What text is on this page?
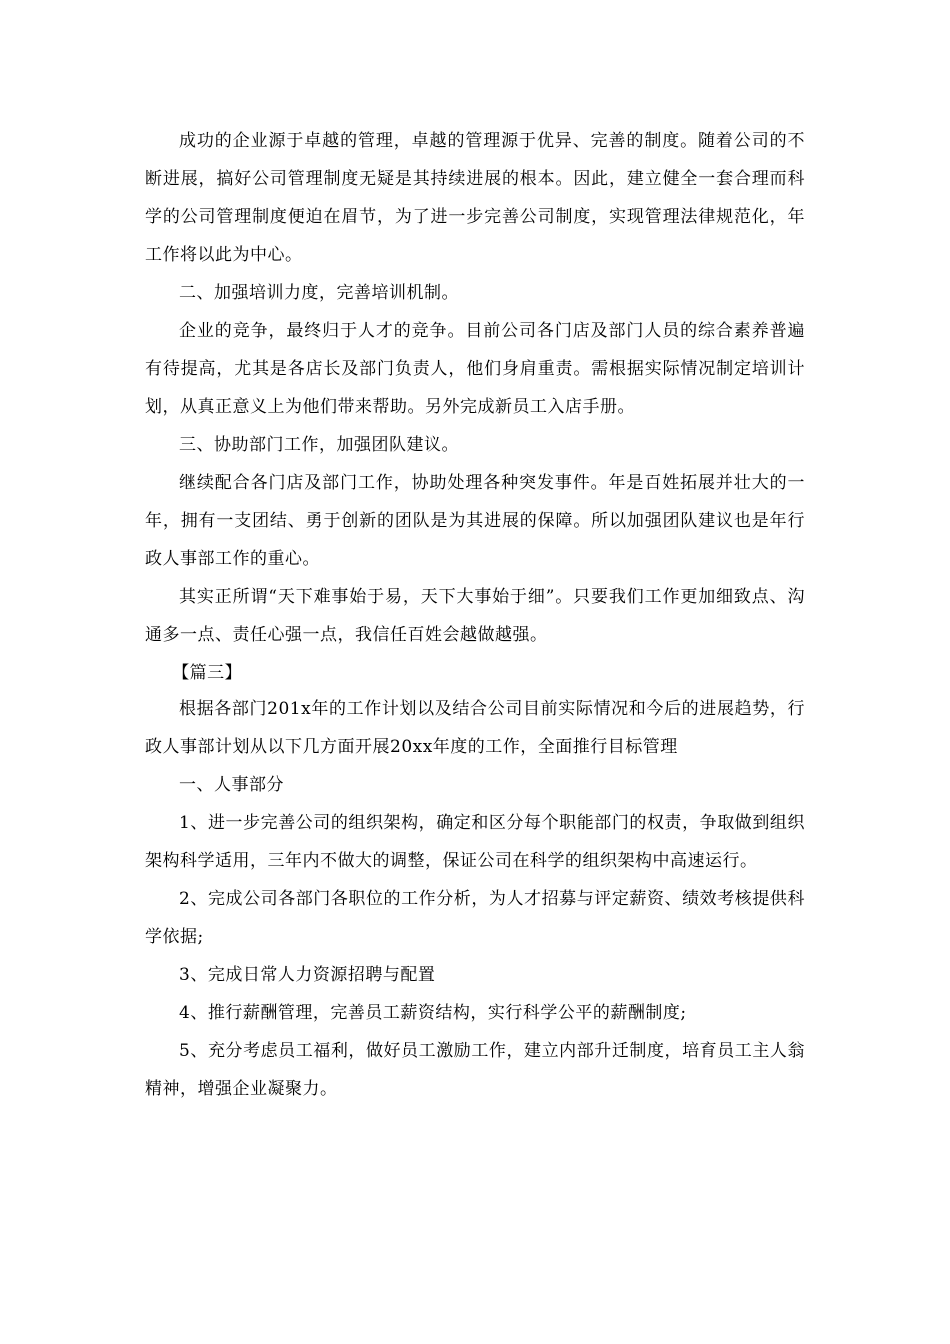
成功的企业源于卓越的管理，卓越的管理源于优异、完善的制度。随着公司的不断进展，搞好公司管理制度无疑是其持续进展的根本。因此，建立健全一套合理而科学的公司管理制度便迫在眉节，为了进一步完善公司制度，实现管理法律规范化，年工作将以此为中心。

二、加强培训力度，完善培训机制。

企业的竞争，最终归于人才的竞争。目前公司各门店及部门人员的综合素养普遍有待提高，尤其是各店长及部门负责人，他们身肩重责。需根据实际情况制定培训计划，从真正意义上为他们带来帮助。另外完成新员工入店手册。

三、协助部门工作，加强团队建议。

继续配合各门店及部门工作，协助处理各种突发事件。年是百姓拓展并壮大的一年，拥有一支团结、勇于创新的团队是为其进展的保障。所以加强团队建议也是年行政人事部工作的重心。

其实正所谓“天下难事始于易，天下大事始于细”。只要我们工作更加细致点、沟通多一点、责任心强一点，我信任百姓会越做越强。

【篇三】

根据各部门201x年的工作计划以及结合公司目前实际情况和今后的进展趋势，行政人事部计划从以下几方面开展20xx年度的工作，全面推行目标管理

一、人事部分

1、进一步完善公司的组织架构，确定和区分每个职能部门的权责，争取做到组织架构科学适用，三年内不做大的调整，保证公司在科学的组织架构中高速运行。

2、完成公司各部门各职位的工作分析，为人才招募与评定薪资、绩效考核提供科学依据;

3、完成日常人力资源招聘与配置

4、推行薪酬管理，完善员工薪资结构，实行科学公平的薪酬制度;

5、充分考虑员工福利，做好员工激励工作，建立内部升迁制度，培育员工主人翁精神，增强企业凝聚力。
